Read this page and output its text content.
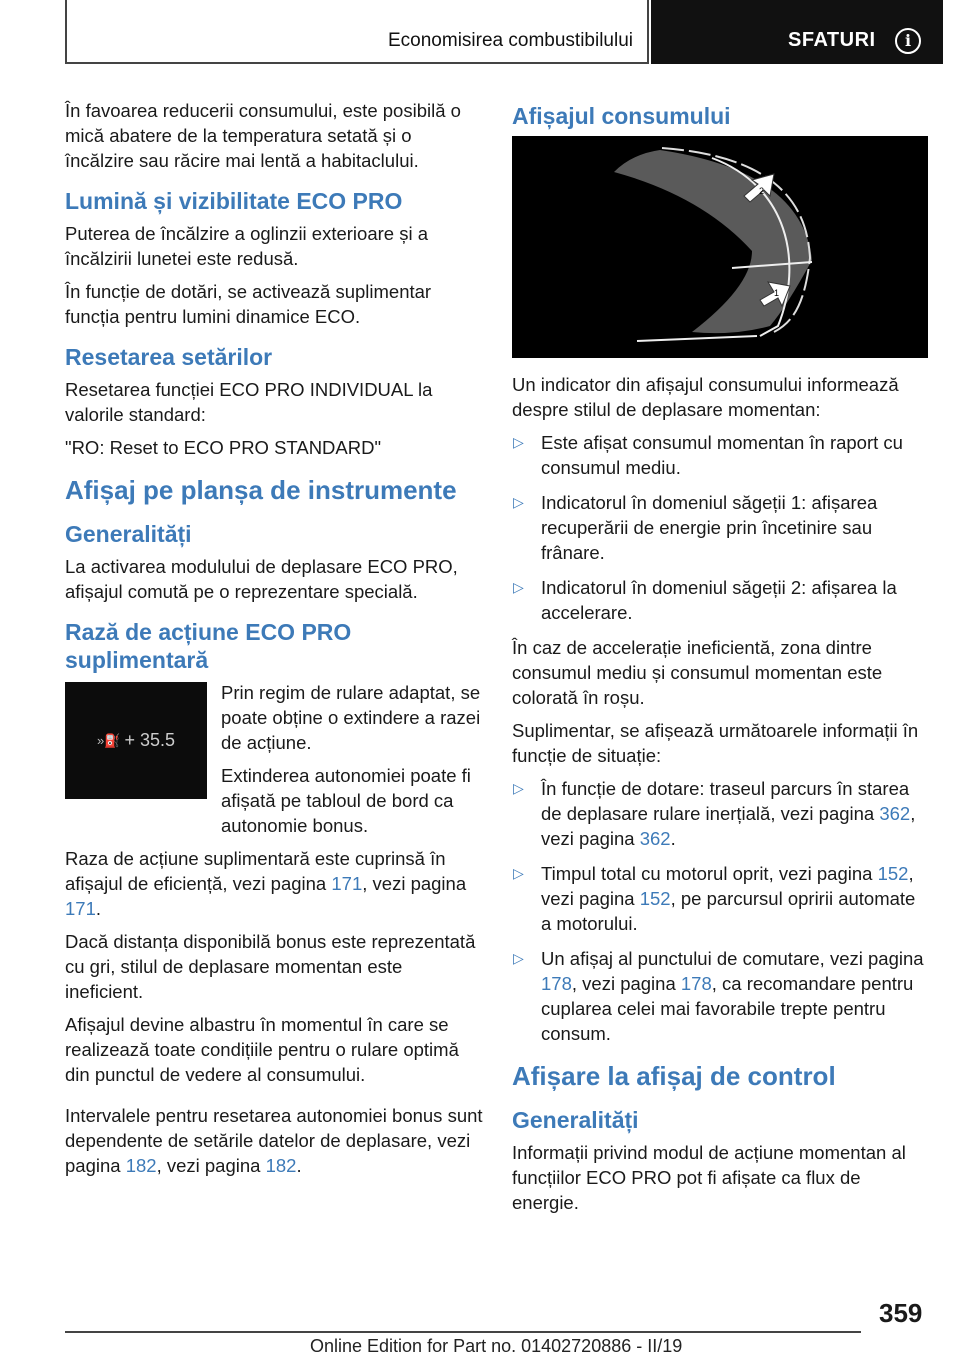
Economisirea combustibilului	SFATURI	i

În favoarea reducerii consumului, este posibilă o mică abatere de la temperatura setată și o încălzire sau răcire mai lentă a habitaclului.

Lumină și vizibilitate ECO PRO

Puterea de încălzire a oglinzii exterioare și a încălzirii lunetei este redusă.

În funcție de dotări, se activează suplimentar funcția pentru lumini dinamice ECO.

Resetarea setărilor

Resetarea funcției ECO PRO INDIVIDUAL la valorile standard:

"RO: Reset to ECO PRO STANDARD"

Afișaj pe planșa de instrumente
Generalități

La activarea modulului de deplasare ECO PRO, afișajul comută pe o reprezentare specială.

Rază de acțiune ECO PRO suplimentară
»⛽ + 35.5

Prin regim de rulare adaptat, se poate obține o extindere a razei de acțiune.

Extinderea autonomiei poate fi afișată pe tabloul de bord ca autonomie bonus.

Raza de acțiune suplimentară este cuprinsă în afișajul de eficiență, vezi pagina 171, vezi pagina 171.

Dacă distanța disponibilă bonus este reprezentată cu gri, stilul de deplasare momentan este ineficient.

Afișajul devine albastru în momentul în care se realizează toate condițiile pentru o rulare optimă din punctul de vedere al consumului.

Intervalele pentru resetarea autonomiei bonus sunt dependente de setările datelor de deplasare, vezi pagina 182, vezi pagina 182.

Afișajul consumului
2
1

Un indicator din afișajul consumului informează despre stilul de deplasare momentan:

▷ Este afișat consumul momentan în raport cu consumul mediu.
▷ Indicatorul în domeniul săgeții 1: afișarea recuperării de energie prin încetinire sau frânare.
▷ Indicatorul în domeniul săgeții 2: afișarea la accelerare.

În caz de accelerație ineficientă, zona dintre consumul mediu și consumul momentan este colorată în roșu.

Suplimentar, se afișează următoarele informații în funcție de situație:

▷ În funcție de dotare: traseul parcurs în starea de deplasare rulare inerțială, vezi pagina 362, vezi pagina 362.
▷ Timpul total cu motorul oprit, vezi pagina 152, vezi pagina 152, pe parcursul opririi automate a motorului.
▷ Un afișaj al punctului de comutare, vezi pagina 178, vezi pagina 178, ca recomandare pentru cuplarea celei mai favorabile trepte pentru consum.
Afișare la afișaj de control
Generalități

Informații privind modul de acțiune momentan al funcțiilor ECO PRO pot fi afișate ca flux de energie.

359
Online Edition for Part no. 01402720886 - II/19
